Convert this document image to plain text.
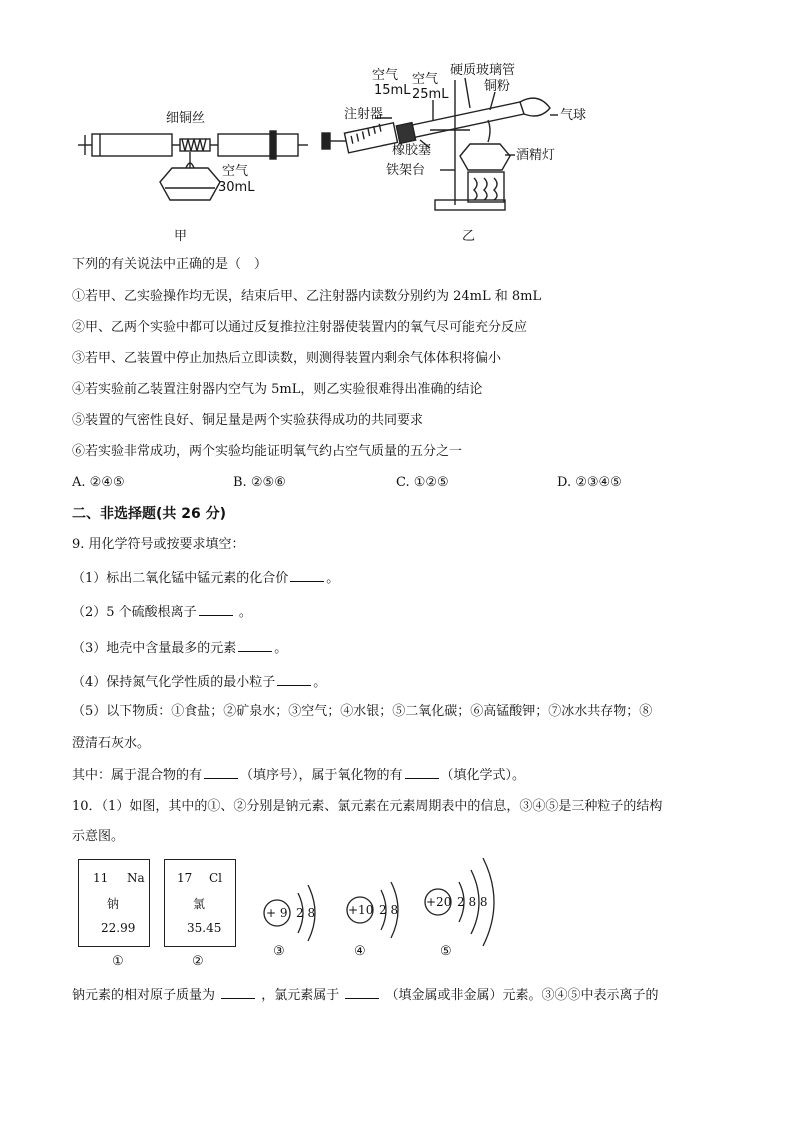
细铜丝
空气
30mL
甲
空气
15mL
空气
25mL
硬质玻璃管
铜粉
注射器	气球
橡胶塞	酒精灯
铁架台
乙
下列的有关说法中正确的是（　）
①若甲、乙实验操作均无误，结束后甲、乙注射器内读数分别约为 24mL 和 8mL
②甲、乙两个实验中都可以通过反复推拉注射器使装置内的氧气尽可能充分反应
③若甲、乙装置中停止加热后立即读数，则测得装置内剩余气体体积将偏小
④若实验前乙装置注射器内空气为 5mL，则乙实验很难得出准确的结论
⑤装置的气密性良好、铜足量是两个实验获得成功的共同要求
⑥若实验非常成功，两个实验均能证明氧气约占空气质量的五分之一
A. ②④⑤	B. ②⑤⑥	C. ①②⑤	D. ②③④⑤
二、非选择题(共 26 分)
9. 用化学符号或按要求填空：
（1）标出二氧化锰中锰元素的化合价	。
（2）5 个硫酸根离子	。
（3）地壳中含量最多的元素	。
（4）保持氮气化学性质的最小粒子	。
（5）以下物质：①食盐；②矿泉水；③空气；④水银；⑤二氧化碳；⑥高锰酸钾；⑦冰水共存物；⑧
澄清石灰水。
其中：属于混合物的有	（填序号），属于氧化物的有	（填化学式）。
10．（1）如图，其中的①、②分别是钠元素、氯元素在元素周期表中的信息，③④⑤是三种粒子的结构
示意图。
11 Na
钠
22.99
17 Cl
氯
35.45
①	②
+ 9 2 8	+10 2 8
+20 2 8 8
③	④	⑤
钠元素的相对原子质量为	，氯元素属于	（填金属或非金属）元素。③④⑤中表示离子的
